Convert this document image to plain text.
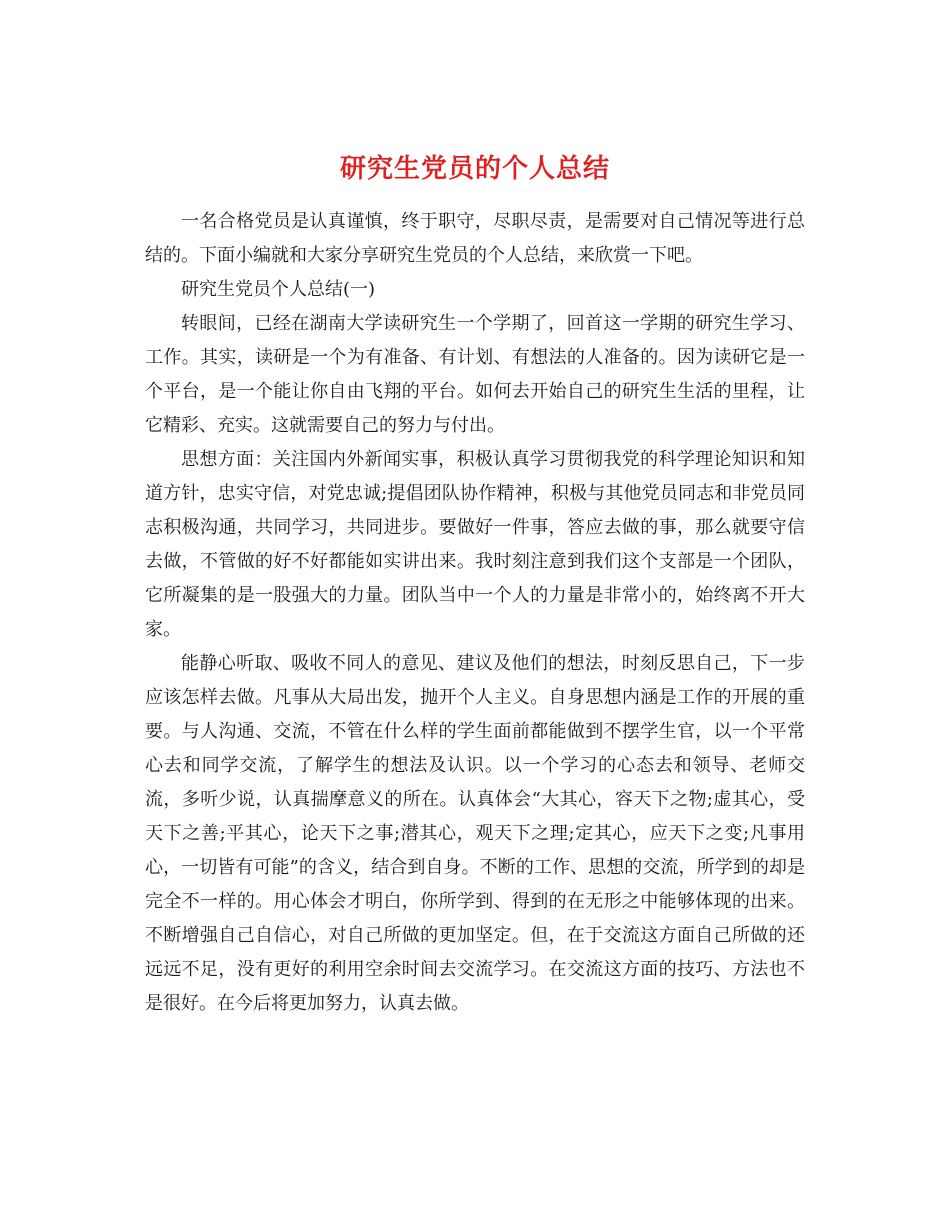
研究生党员的个人总结

一名合格党员是认真谨慎，终于职守，尽职尽责，是需要对自己情况等进行总结的。下面小编就和大家分享研究生党员的个人总结，来欣赏一下吧。

研究生党员个人总结(一)

转眼间，已经在湖南大学读研究生一个学期了，回首这一学期的研究生学习、工作。其实，读研是一个为有准备、有计划、有想法的人准备的。因为读研它是一个平台，是一个能让你自由飞翔的平台。如何去开始自己的研究生生活的里程，让它精彩、充实。这就需要自己的努力与付出。

思想方面：关注国内外新闻实事，积极认真学习贯彻我党的科学理论知识和知道方针，忠实守信，对党忠诚;提倡团队协作精神，积极与其他党员同志和非党员同志积极沟通，共同学习，共同进步。要做好一件事，答应去做的事，那么就要守信去做，不管做的好不好都能如实讲出来。我时刻注意到我们这个支部是一个团队，它所凝集的是一股强大的力量。团队当中一个人的力量是非常小的，始终离不开大家。

能静心听取、吸收不同人的意见、建议及他们的想法，时刻反思自己，下一步应该怎样去做。凡事从大局出发，抛开个人主义。自身思想内涵是工作的开展的重要。与人沟通、交流，不管在什么样的学生面前都能做到不摆学生官，以一个平常心去和同学交流，了解学生的想法及认识。以一个学习的心态去和领导、老师交流，多听少说，认真揣摩意义的所在。认真体会“大其心，容天下之物;虚其心，受天下之善;平其心，论天下之事;潜其心，观天下之理;定其心，应天下之变;凡事用心，一切皆有可能”的含义，结合到自身。不断的工作、思想的交流，所学到的却是完全不一样的。用心体会才明白，你所学到、得到的在无形之中能够体现的出来。不断增强自己自信心，对自己所做的更加坚定。但，在于交流这方面自己所做的还远远不足，没有更好的利用空余时间去交流学习。在交流这方面的技巧、方法也不是很好。在今后将更加努力，认真去做。
